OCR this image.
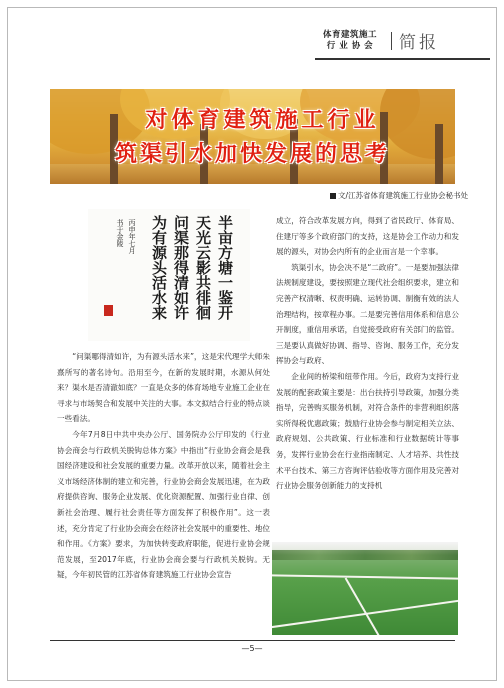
体育建筑施工
行 业 协 会	简报
对体育建筑施工行业
筑渠引水加快发展的思考
文/江苏省体育建筑施工行业协会秘书处
半亩方塘一鉴开
天光云影共徘徊
问渠那得清如许
为有源头活水来
丙申年七月
书于金陵

“问渠哪得清如许，为有源头活水来”，这是宋代理学大师朱熹所写的著名诗句。沿用至今，在新的发展时期，水源从何处来？渠水是否清澈如底？一直是众多的体育场地专业施工企业在寻求与市场契合和发展中关注的大事。本文拟结合行业的特点谈一些看法。

今年7月8日中共中央办公厅、国务院办公厅印发的《行业协会商会与行政机关脱钩总体方案》中指出“行业协会商会是我国经济建设和社会发展的重要力量。改革开放以来，随着社会主义市场经济体制的建立和完善，行业协会商会发展迅速，在为政府提供咨询、服务企业发展、优化资源配置、加强行业自律、创新社会治理、履行社会责任等方面发挥了积极作用”。这一表述，充分肯定了行业协会商会在经济社会发展中的重要性、地位和作用。《方案》要求，为加快转变政府职能，促进行业协会规范发展，至2017年底，行业协会商会要与行政机关脱钩。无疑，今年初民管的江苏省体育建筑施工行业协会宣告

成立，符合改革发展方向，得到了省民政厅、体育局、住建厅等多个政府部门的支持，这是协会工作动力和发展的源头，对协会内所有的企业而言是一个幸事。

筑渠引水，协会决不是“二政府”。一是要加强法律法规制度建设，要按照建立现代社会组织要求，建立和完善产权清晰、权责明确、运转协调、制衡有效的法人治理结构，按章程办事。二是要完善信用体系和信息公开制度，重信用承诺，自觉接受政府有关部门的监管。三是要认真做好协调、指导、咨询、服务工作，充分发挥协会与政府、

企业间的桥梁和纽带作用。今后，政府为支持行业发展的配套政策主要是：出台扶持引导政策，加强分类指导，完善购买服务机制，对符合条件的非营利组织落实所得税优惠政策；鼓励行业协会参与制定相关立法、政府规划、公共政策、行业标准和行业数据统计等事务，发挥行业协会在行业指南制定、人才培养、共性技术平台技术、第三方咨询评估验收等方面作用及完善对行业协会服务创新能力的支持机

—5—
